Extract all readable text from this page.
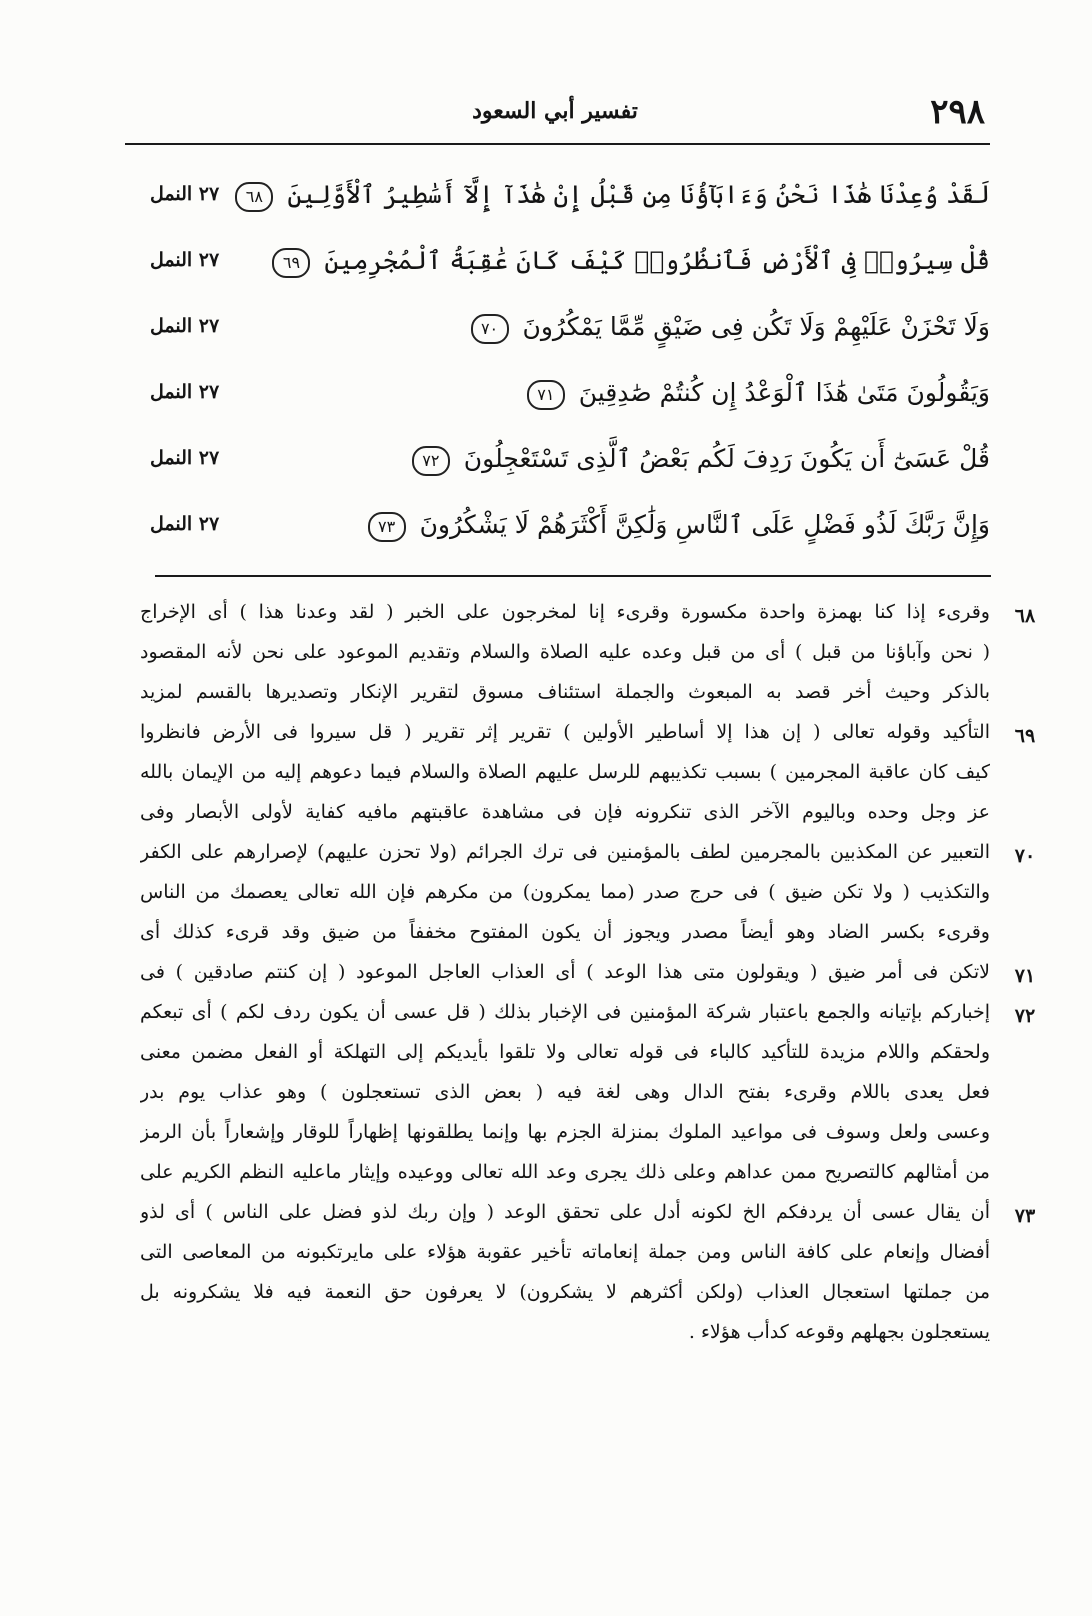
٢٩٨
تفسير أبي السعود
لَقَدْ وُعِدْنَا هَٰذَا نَحْنُ وَءَابَآؤُنَا مِن قَبْلُ إِنْ هَٰذَآ إِلَّآ أَسَٰطِيرُ ٱلْأَوَّلِينَ ٦٨
٢٧ النمل
قُلْ سِيرُوا۟ فِى ٱلْأَرْضِ فَٱنظُرُوا۟ كَيْفَ كَانَ عَٰقِبَةُ ٱلْمُجْرِمِينَ ٦٩
٢٧ النمل
وَلَا تَحْزَنْ عَلَيْهِمْ وَلَا تَكُن فِى ضَيْقٍ مِّمَّا يَمْكُرُونَ ٧٠
٢٧ النمل
وَيَقُولُونَ مَتَىٰ هَٰذَا ٱلْوَعْدُ إِن كُنتُمْ صَٰدِقِينَ ٧١
٢٧ النمل
قُلْ عَسَىٰٓ أَن يَكُونَ رَدِفَ لَكُم بَعْضُ ٱلَّذِى تَسْتَعْجِلُونَ ٧٢
٢٧ النمل
وَإِنَّ رَبَّكَ لَذُو فَضْلٍ عَلَى ٱلنَّاسِ وَلَٰكِنَّ أَكْثَرَهُمْ لَا يَشْكُرُونَ ٧٣
٢٧ النمل
وقرىء إذا كنا بهمزة واحدة مكسورة وقرىء إنا لمخرجون على الخبر ( لقد وعدنا هذا ) أى الإخراج
( نحن وآباؤنا من قبل ) أى من قبل وعده عليه الصلاة والسلام وتقديم الموعود على نحن لأنه المقصود
بالذكر وحيث أخر قصد به المبعوث والجملة استئناف مسوق لتقرير الإنكار وتصديرها بالقسم لمزيد
التأكيد وقوله تعالى ( إن هذا إلا أساطير الأولين ) تقرير إثر تقرير ( قل سيروا فى الأرض فانظروا
كيف كان عاقبة المجرمين ) بسبب تكذيبهم للرسل عليهم الصلاة والسلام فيما دعوهم إليه من الإيمان بالله
عز وجل وحده وباليوم الآخر الذى تنكرونه فإن فى مشاهدة عاقبتهم مافيه كفاية لأولى الأبصار وفى
التعبير عن المكذبين بالمجرمين لطف بالمؤمنين فى ترك الجرائم (ولا تحزن عليهم) لإصرارهم على الكفر
والتكذيب ( ولا تكن ضيق ) فى حرج صدر (مما يمكرون) من مكرهم فإن الله تعالى يعصمك من الناس
وقرىء بكسر الضاد وهو أيضاً مصدر ويجوز أن يكون المفتوح مخففاً من ضيق وقد قرىء كذلك أى
لاتكن فى أمر ضيق ( ويقولون متى هذا الوعد ) أى العذاب العاجل الموعود ( إن كنتم صادقين ) فى
إخباركم بإتيانه والجمع باعتبار شركة المؤمنين فى الإخبار بذلك ( قل عسى أن يكون ردف لكم ) أى تبعكم
ولحقكم واللام مزيدة للتأكيد كالباء فى قوله تعالى ولا تلقوا بأيديكم إلى التهلكة أو الفعل مضمن معنى
فعل يعدى باللام وقرىء بفتح الدال وهى لغة فيه ( بعض الذى تستعجلون ) وهو عذاب يوم بدر
وعسى ولعل وسوف فى مواعيد الملوك بمنزلة الجزم بها وإنما يطلقونها إظهاراً للوقار وإشعاراً بأن الرمز
من أمثالهم كالتصريح ممن عداهم وعلى ذلك يجرى وعد الله تعالى ووعيده وإيثار ماعليه النظم الكريم على
أن يقال عسى أن يردفكم الخ لكونه أدل على تحقق الوعد ( وإن ربك لذو فضل على الناس ) أى لذو
أفضال وإنعام على كافة الناس ومن جملة إنعاماته تأخير عقوبة هؤلاء على مايرتكبونه من المعاصى التى
من جملتها استعجال العذاب (ولكن أكثرهم لا يشكرون) لا يعرفون حق النعمة فيه فلا يشكرونه بل
يستعجلون بجهلهم وقوعه كدأب هؤلاء .
٦٨
٦٩
٧٠
٧١
٧٢
٧٣
